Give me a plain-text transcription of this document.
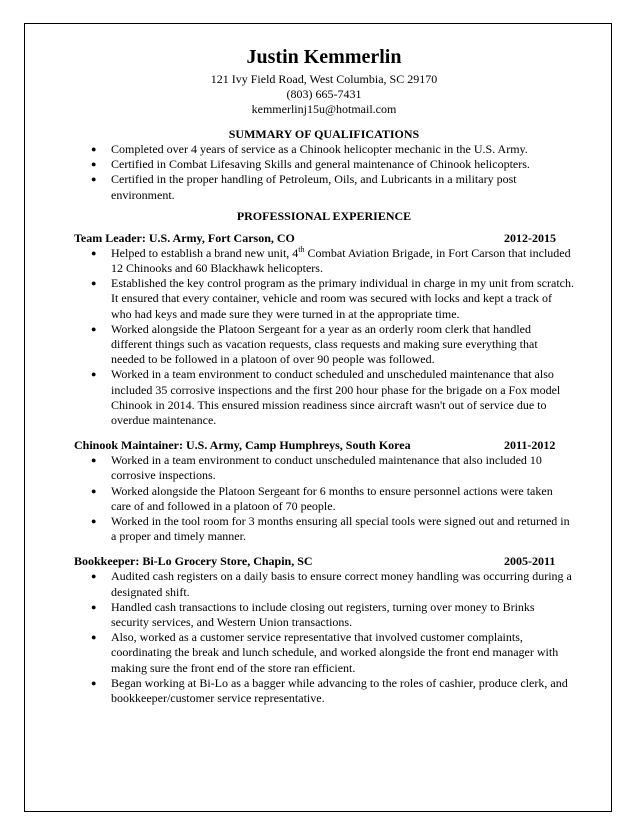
Justin Kemmerlin
121 Ivy Field Road, West Columbia, SC 29170
(803) 665-7431
kemmerlinj15u@hotmail.com
SUMMARY OF QUALIFICATIONS
● Completed over 4 years of service as a Chinook helicopter mechanic in the U.S. Army.
● Certified in Combat Lifesaving Skills and general maintenance of Chinook helicopters.
● Certified in the proper handling of Petroleum, Oils, and Lubricants in a military post environment.
PROFESSIONAL EXPERIENCE
Team Leader: U.S. Army, Fort Carson, CO	2012-2015
● Helped to establish a brand new unit, 4th Combat Aviation Brigade, in Fort Carson that included 12 Chinooks and 60 Blackhawk helicopters.
● Established the key control program as the primary individual in charge in my unit from scratch. It ensured that every container, vehicle and room was secured with locks and kept a track of who had keys and made sure they were turned in at the appropriate time.
● Worked alongside the Platoon Sergeant for a year as an orderly room clerk that handled different things such as vacation requests, class requests and making sure everything that needed to be followed in a platoon of over 90 people was followed.
● Worked in a team environment to conduct scheduled and unscheduled maintenance that also included 35 corrosive inspections and the first 200 hour phase for the brigade on a Fox model Chinook in 2014. This ensured mission readiness since aircraft wasn't out of service due to overdue maintenance.
Chinook Maintainer: U.S. Army, Camp Humphreys, South Korea	2011-2012
● Worked in a team environment to conduct unscheduled maintenance that also included 10 corrosive inspections.
● Worked alongside the Platoon Sergeant for 6 months to ensure personnel actions were taken care of and followed in a platoon of 70 people.
● Worked in the tool room for 3 months ensuring all special tools were signed out and returned in a proper and timely manner.
Bookkeeper: Bi-Lo Grocery Store, Chapin, SC	2005-2011
● Audited cash registers on a daily basis to ensure correct money handling was occurring during a designated shift.
● Handled cash transactions to include closing out registers, turning over money to Brinks security services, and Western Union transactions.
● Also, worked as a customer service representative that involved customer complaints, coordinating the break and lunch schedule, and worked alongside the front end manager with making sure the front end of the store ran efficient.
● Began working at Bi-Lo as a bagger while advancing to the roles of cashier, produce clerk, and bookkeeper/customer service representative.
